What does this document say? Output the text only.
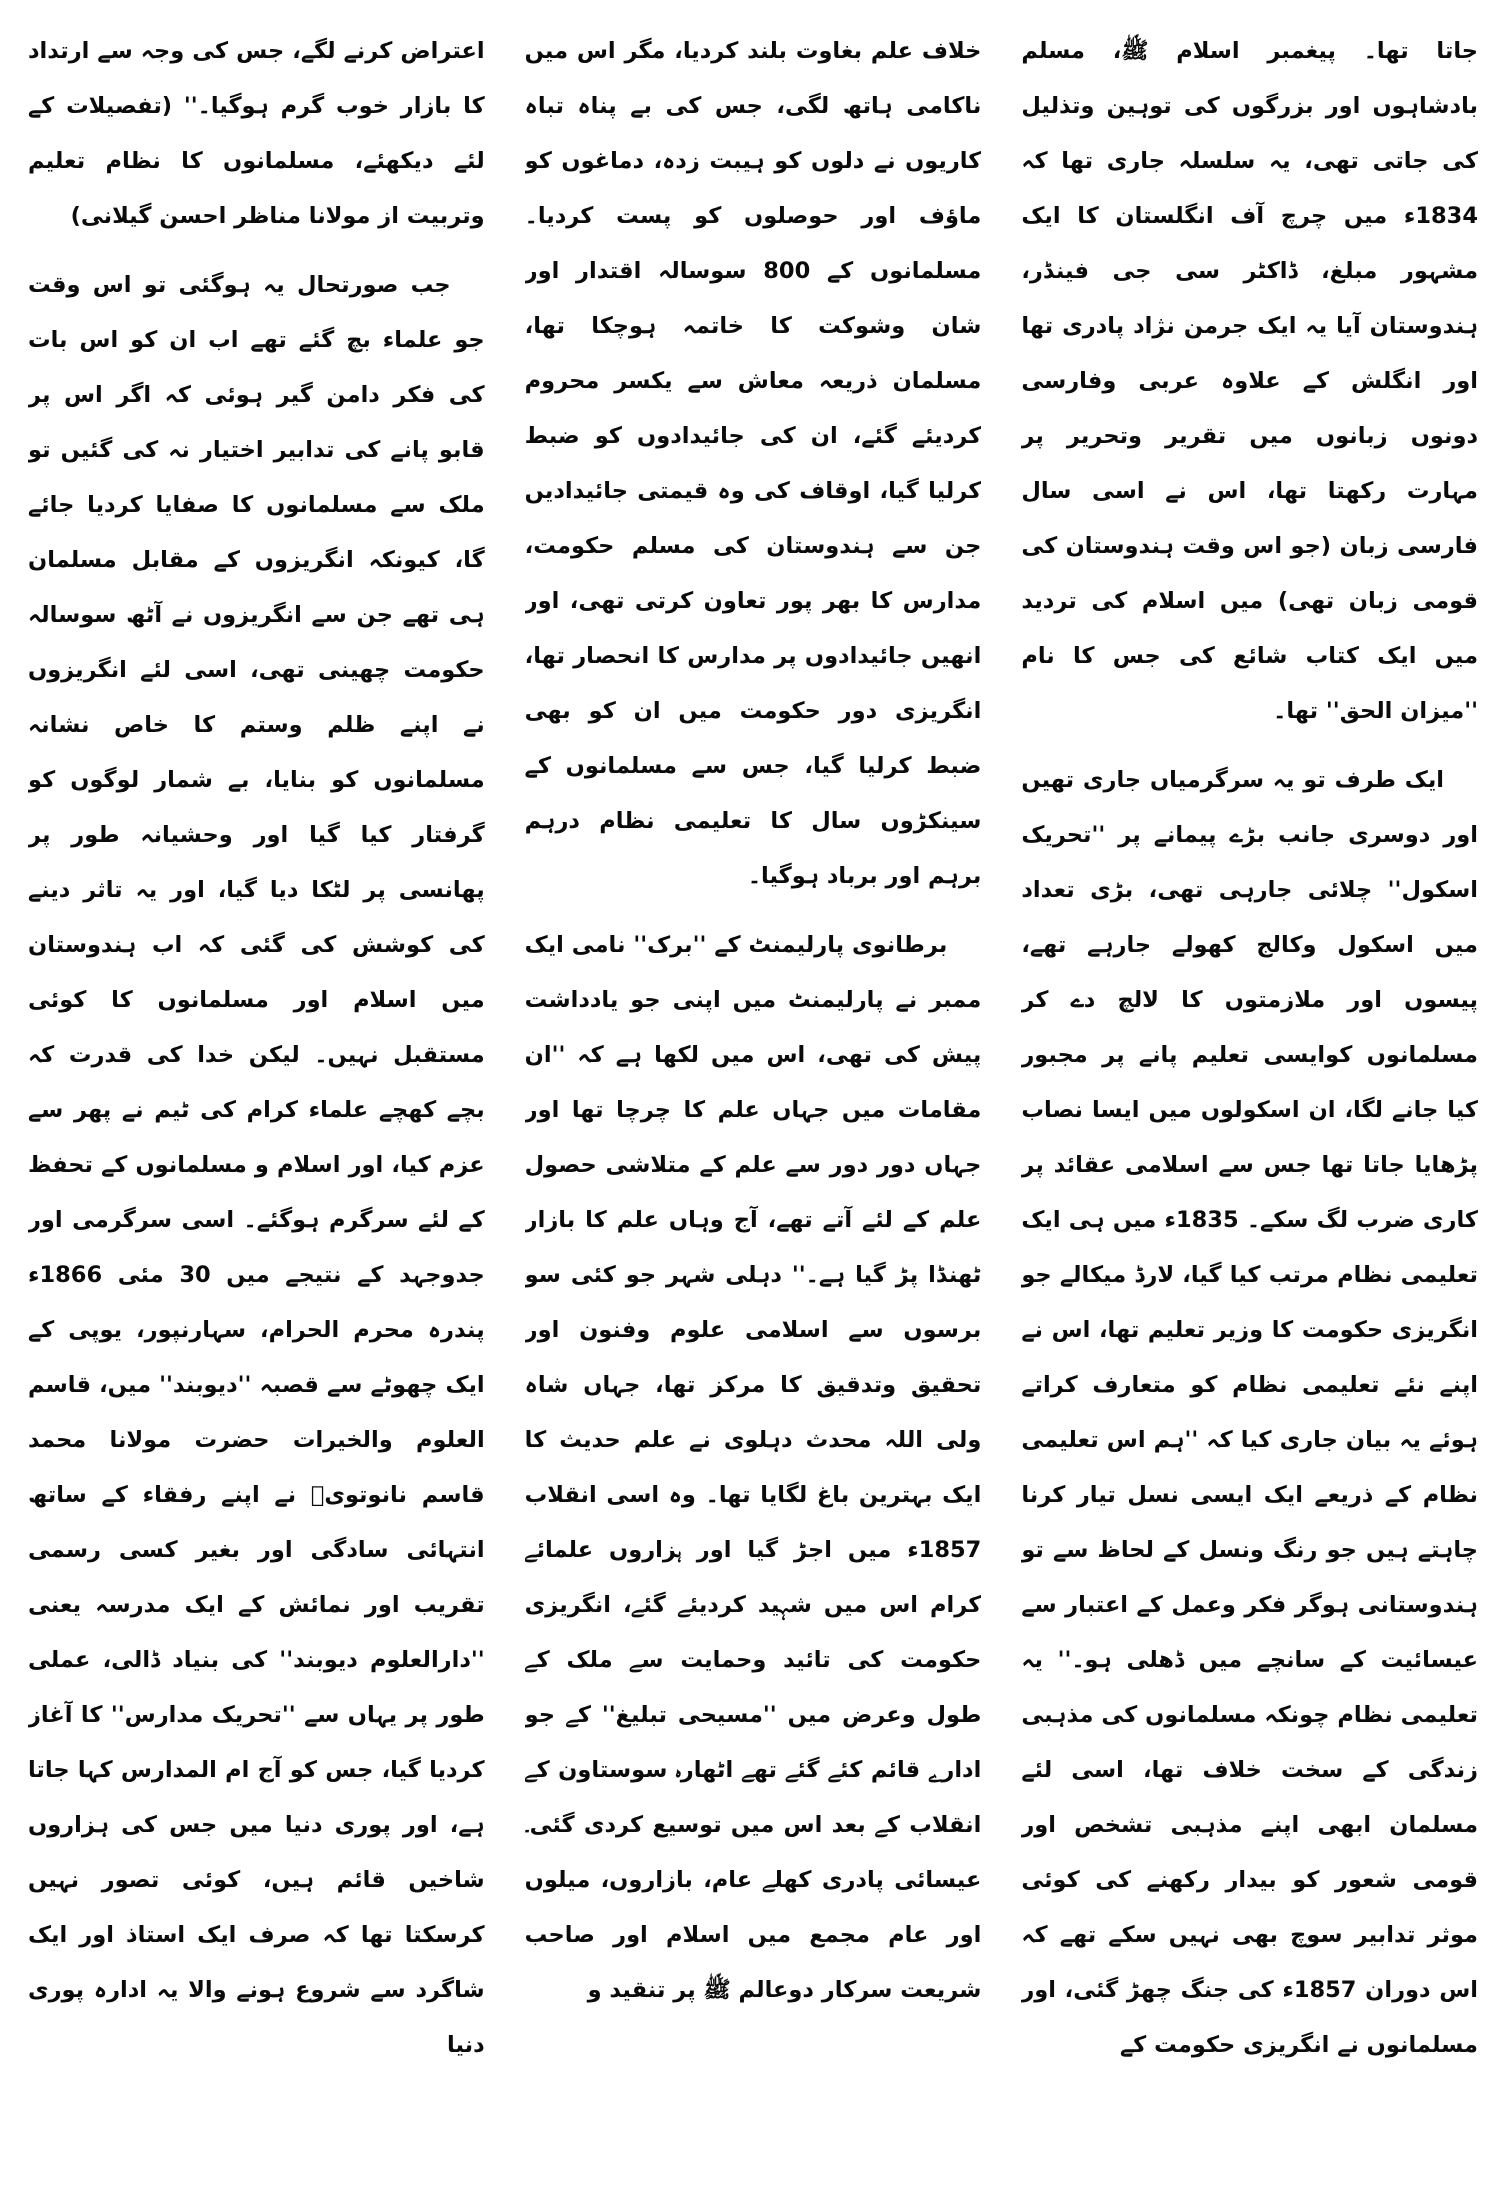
جاتا تھا۔ پیغمبر اسلام ﷺ، مسلم بادشاہوں اور بزرگوں کی توہین وتذلیل کی جاتی تھی، یہ سلسلہ جاری تھا کہ 1834ء میں چرچ آف انگلستان کا ایک مشہور مبلغ، ڈاکٹر سی جی فینڈر، ہندوستان آیا یہ ایک جرمن نژاد پادری تھا اور انگلش کے علاوہ عربی وفارسی دونوں زبانوں میں تقریر وتحریر پر مہارت رکھتا تھا، اس نے اسی سال فارسی زبان (جو اس وقت ہندوستان کی قومی زبان تھی) میں اسلام کی تردید میں ایک کتاب شائع کی جس کا نام ''میزان الحق'' تھا۔

ایک طرف تو یہ سرگرمیاں جاری تھیں اور دوسری جانب بڑے پیمانے پر ''تحریک اسکول'' چلائی جارہی تھی، بڑی تعداد میں اسکول وکالج کھولے جارہے تھے، پیسوں اور ملازمتوں کا لالچ دے کر مسلمانوں کوایسی تعلیم پانے پر مجبور کیا جانے لگا، ان اسکولوں میں ایسا نصاب پڑھایا جاتا تھا جس سے اسلامی عقائد پر کاری ضرب لگ سکے۔ 1835ء میں ہی ایک تعلیمی نظام مرتب کیا گیا، لارڈ میکالے جو انگریزی حکومت کا وزیر تعلیم تھا، اس نے اپنے نئے تعلیمی نظام کو متعارف کراتے ہوئے یہ بیان جاری کیا کہ ''ہم اس تعلیمی نظام کے ذریعے ایک ایسی نسل تیار کرنا چاہتے ہیں جو رنگ ونسل کے لحاظ سے تو ہندوستانی ہوگر فکر وعمل کے اعتبار سے عیسائیت کے سانچے میں ڈھلی ہو۔'' یہ تعلیمی نظام چونکہ مسلمانوں کی مذہبی زندگی کے سخت خلاف تھا، اسی لئے مسلمان ابھی اپنے مذہبی تشخص اور قومی شعور کو بیدار رکھنے کی کوئی موثر تدابیر سوچ بھی نہیں سکے تھے کہ اس دوران 1857ء کی جنگ چھڑ گئی، اور مسلمانوں نے انگریزی حکومت کے

خلاف علم بغاوت بلند کردیا، مگر اس میں ناکامی ہاتھ لگی، جس کی بے پناہ تباہ کاریوں نے دلوں کو ہیبت زدہ، دماغوں کو ماؤف اور حوصلوں کو پست کردیا۔ مسلمانوں کے 800 سوسالہ اقتدار اور شان وشوکت کا خاتمہ ہوچکا تھا، مسلمان ذریعہ معاش سے یکسر محروم کردیئے گئے، ان کی جائیدادوں کو ضبط کرلیا گیا، اوقاف کی وہ قیمتی جائیدادیں جن سے ہندوستان کی مسلم حکومت، مدارس کا بھر پور تعاون کرتی تھی، اور انھیں جائیدادوں پر مدارس کا انحصار تھا، انگریزی دور حکومت میں ان کو بھی ضبط کرلیا گیا، جس سے مسلمانوں کے سینکڑوں سال کا تعلیمی نظام درہم برہم اور برباد ہوگیا۔

برطانوی پارلیمنٹ کے ''برک'' نامی ایک ممبر نے پارلیمنٹ میں اپنی جو یادداشت پیش کی تھی، اس میں لکھا ہے کہ ''ان مقامات میں جہاں علم کا چرچا تھا اور جہاں دور دور سے علم کے متلاشی حصول علم کے لئے آتے تھے، آج وہاں علم کا بازار ٹھنڈا پڑ گیا ہے۔'' دہلی شہر جو کئی سو برسوں سے اسلامی علوم وفنون اور تحقیق وتدقیق کا مرکز تھا، جہاں شاہ ولی اللہ محدث دہلوی نے علم حدیث کا ایک بہترین باغ لگایا تھا۔ وہ اسی انقلاب 1857ء میں اجڑ گیا اور ہزاروں علمائے کرام اس میں شہید کردیئے گئے، انگریزی حکومت کی تائید وحمایت سے ملک کے طول وعرض میں ''مسیحی تبلیغ'' کے جو ادارے قائم کئے گئے تھے اٹھارہ سوستاون کے انقلاب کے بعد اس میں توسیع کردی گئی۔ عیسائی پادری کھلے عام، بازاروں، میلوں اور عام مجمع میں اسلام اور صاحب شریعت سرکار دوعالم ﷺ پر تنقید و

اعتراض کرنے لگے، جس کی وجہ سے ارتداد کا بازار خوب گرم ہوگیا۔'' (تفصیلات کے لئے دیکھئے، مسلمانوں کا نظام تعلیم وتربیت از مولانا مناظر احسن گیلانی)

جب صورتحال یہ ہوگئی تو اس وقت جو علماء بچ گئے تھے اب ان کو اس بات کی فکر دامن گیر ہوئی کہ اگر اس پر قابو پانے کی تدابیر اختیار نہ کی گئیں تو ملک سے مسلمانوں کا صفایا کردیا جائے گا، کیونکہ انگریزوں کے مقابل مسلمان ہی تھے جن سے انگریزوں نے آٹھ سوسالہ حکومت چھینی تھی، اسی لئے انگریزوں نے اپنے ظلم وستم کا خاص نشانہ مسلمانوں کو بنایا، بے شمار لوگوں کو گرفتار کیا گیا اور وحشیانہ طور پر پھانسی پر لٹکا دیا گیا، اور یہ تاثر دینے کی کوشش کی گئی کہ اب ہندوستان میں اسلام اور مسلمانوں کا کوئی مستقبل نہیں۔ لیکن خدا کی قدرت کہ بچے کھچے علماء کرام کی ٹیم نے پھر سے عزم کیا، اور اسلام و مسلمانوں کے تحفظ کے لئے سرگرم ہوگئے۔ اسی سرگرمی اور جدوجہد کے نتیجے میں 30 مئی 1866ء پندرہ محرم الحرام، سہارنپور، یوپی کے ایک چھوٹے سے قصبہ ''دیوبند'' میں، قاسم العلوم والخیرات حضرت مولانا محمد قاسم نانوتویؒ نے اپنے رفقاء کے ساتھ انتہائی سادگی اور بغیر کسی رسمی تقریب اور نمائش کے ایک مدرسہ یعنی ''دارالعلوم دیوبند'' کی بنیاد ڈالی، عملی طور پر یہاں سے ''تحریک مدارس'' کا آغاز کردیا گیا، جس کو آج ام المدارس کہا جاتا ہے، اور پوری دنیا میں جس کی ہزاروں شاخیں قائم ہیں، کوئی تصور نہیں کرسکتا تھا کہ صرف ایک استاذ اور ایک شاگرد سے شروع ہونے والا یہ ادارہ پوری دنیا
